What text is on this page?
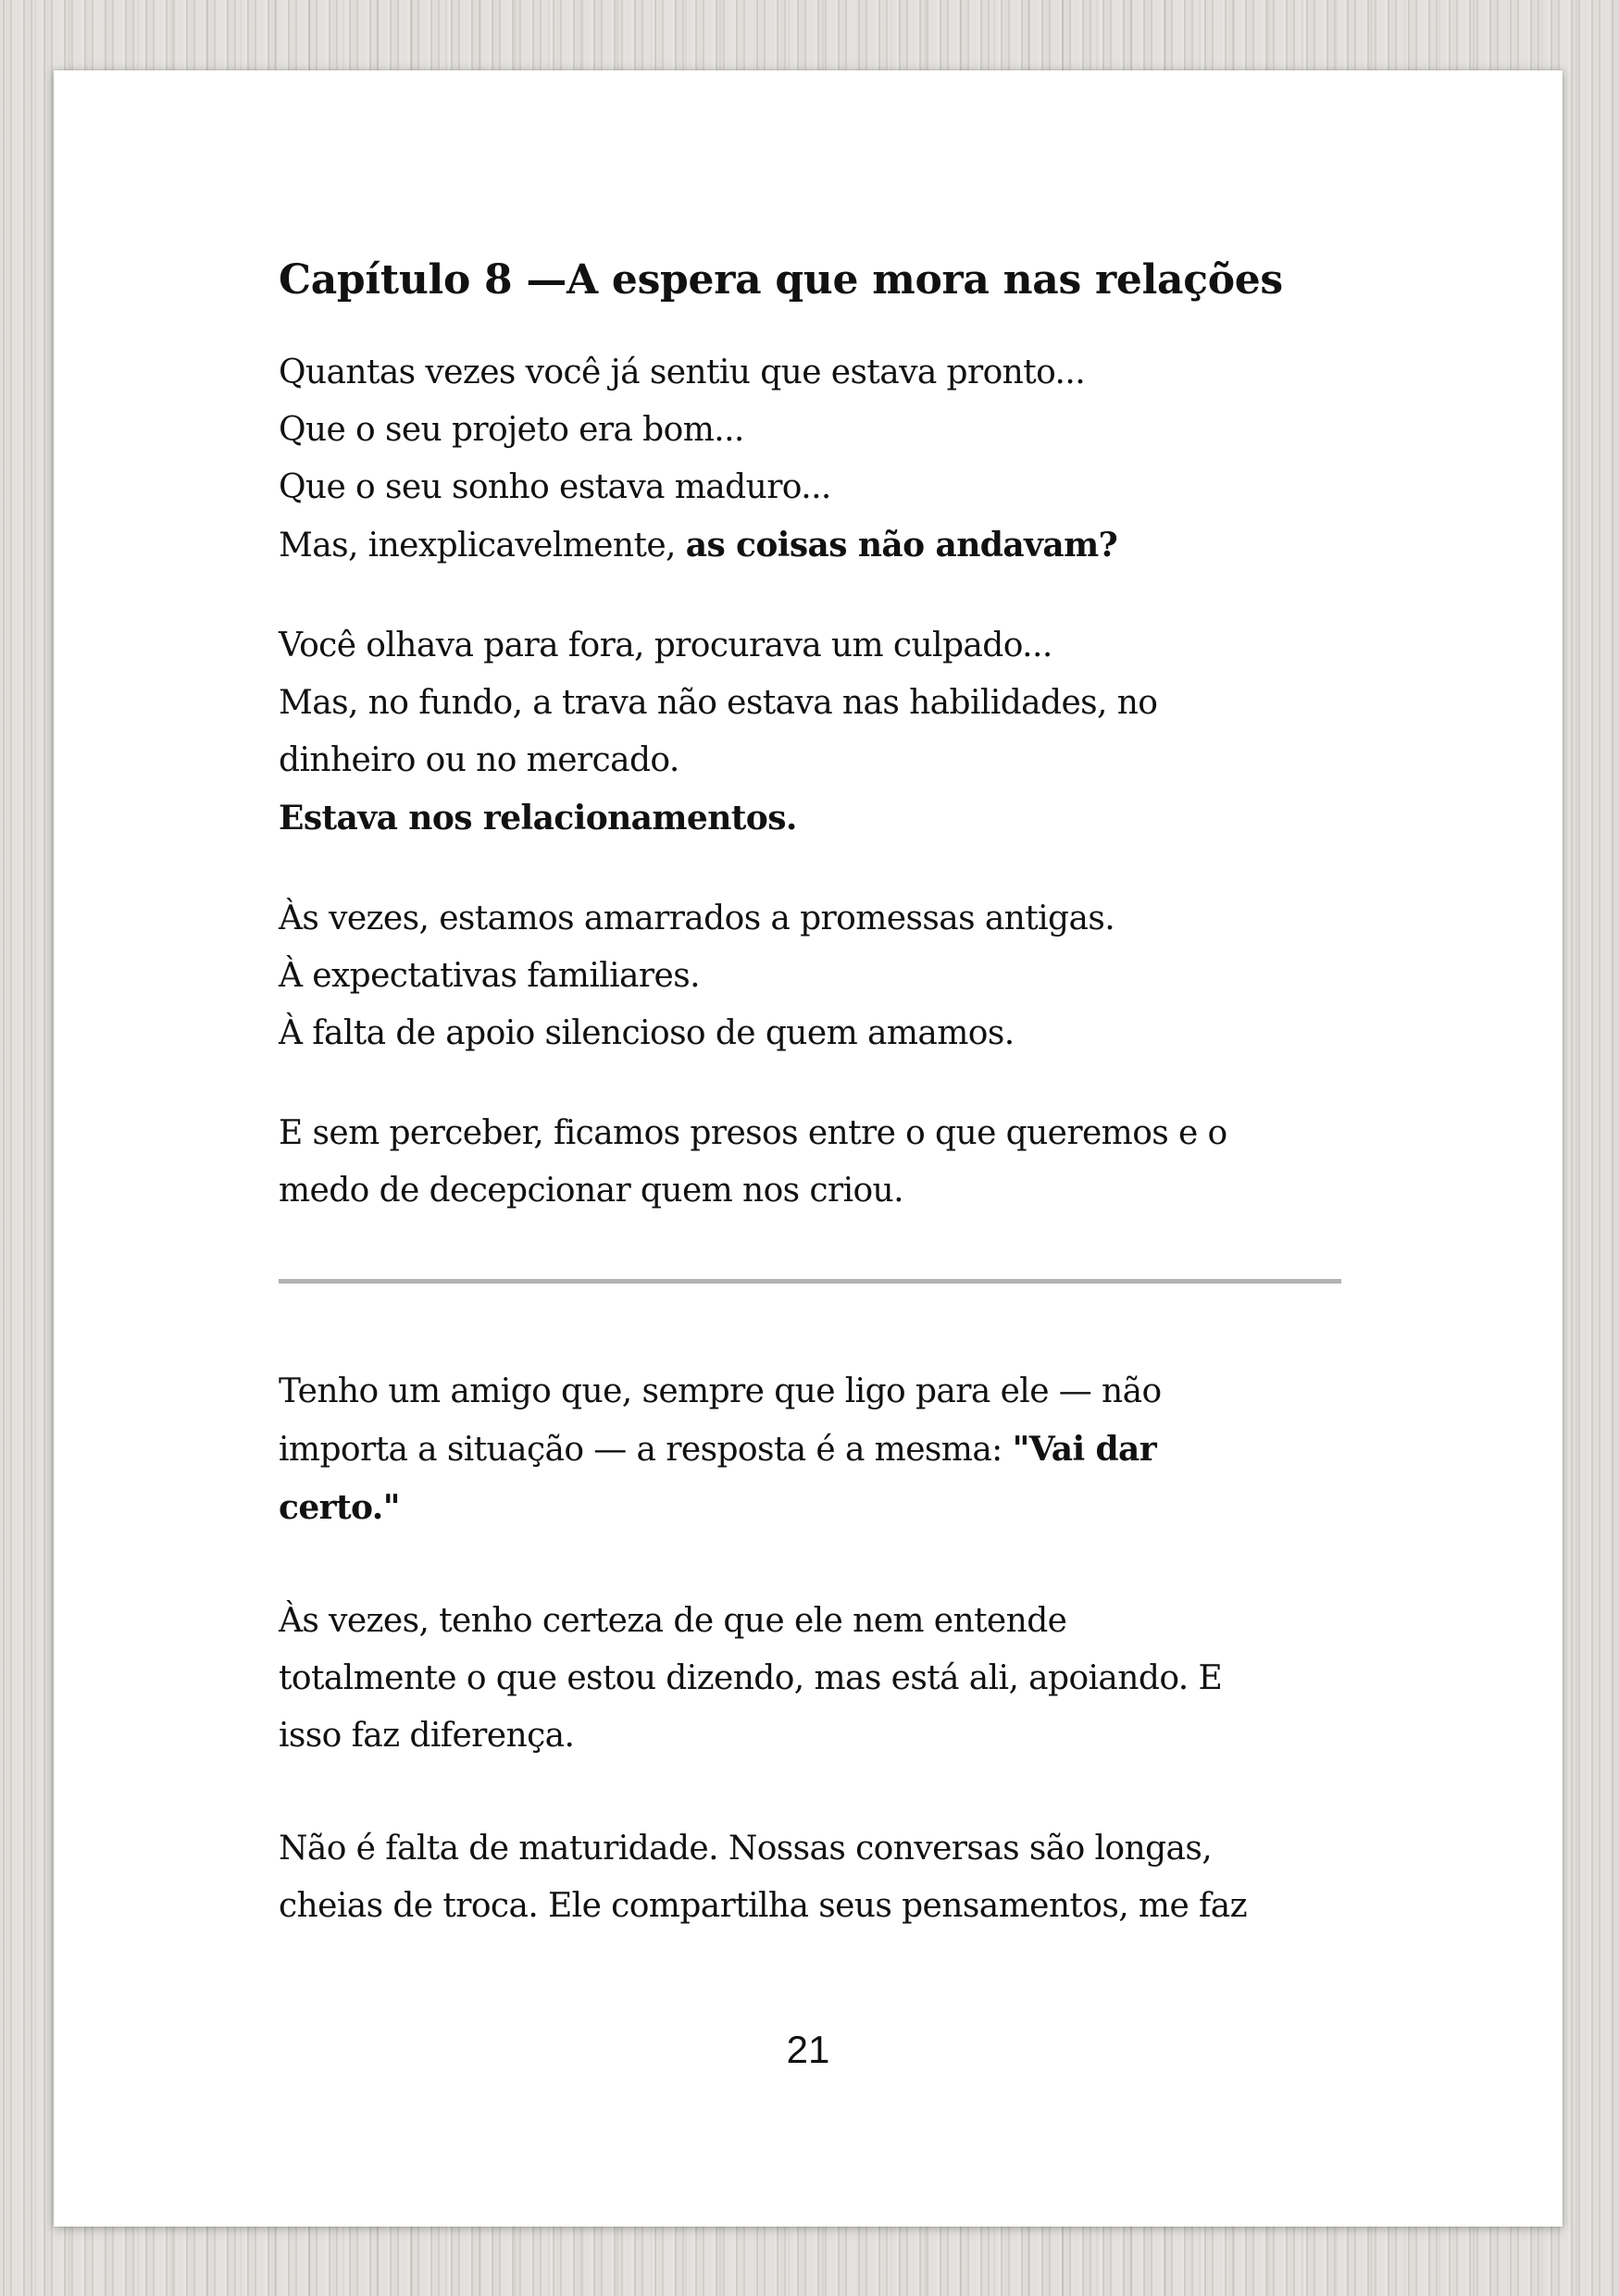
Capítulo 8 —A espera que mora nas relações

Quantas vezes você já sentiu que estava pronto...
Que o seu projeto era bom...
Que o seu sonho estava maduro...
Mas, inexplicavelmente, as coisas não andavam?

Você olhava para fora, procurava um culpado...
Mas, no fundo, a trava não estava nas habilidades, no
dinheiro ou no mercado.
Estava nos relacionamentos.

Às vezes, estamos amarrados a promessas antigas.
À expectativas familiares.
À falta de apoio silencioso de quem amamos.

E sem perceber, ficamos presos entre o que queremos e o
medo de decepcionar quem nos criou.

Tenho um amigo que, sempre que ligo para ele — não
importa a situação — a resposta é a mesma: "Vai dar
certo."

Às vezes, tenho certeza de que ele nem entende
totalmente o que estou dizendo, mas está ali, apoiando. E
isso faz diferença.

Não é falta de maturidade. Nossas conversas são longas,
cheias de troca. Ele compartilha seus pensamentos, me faz

21
